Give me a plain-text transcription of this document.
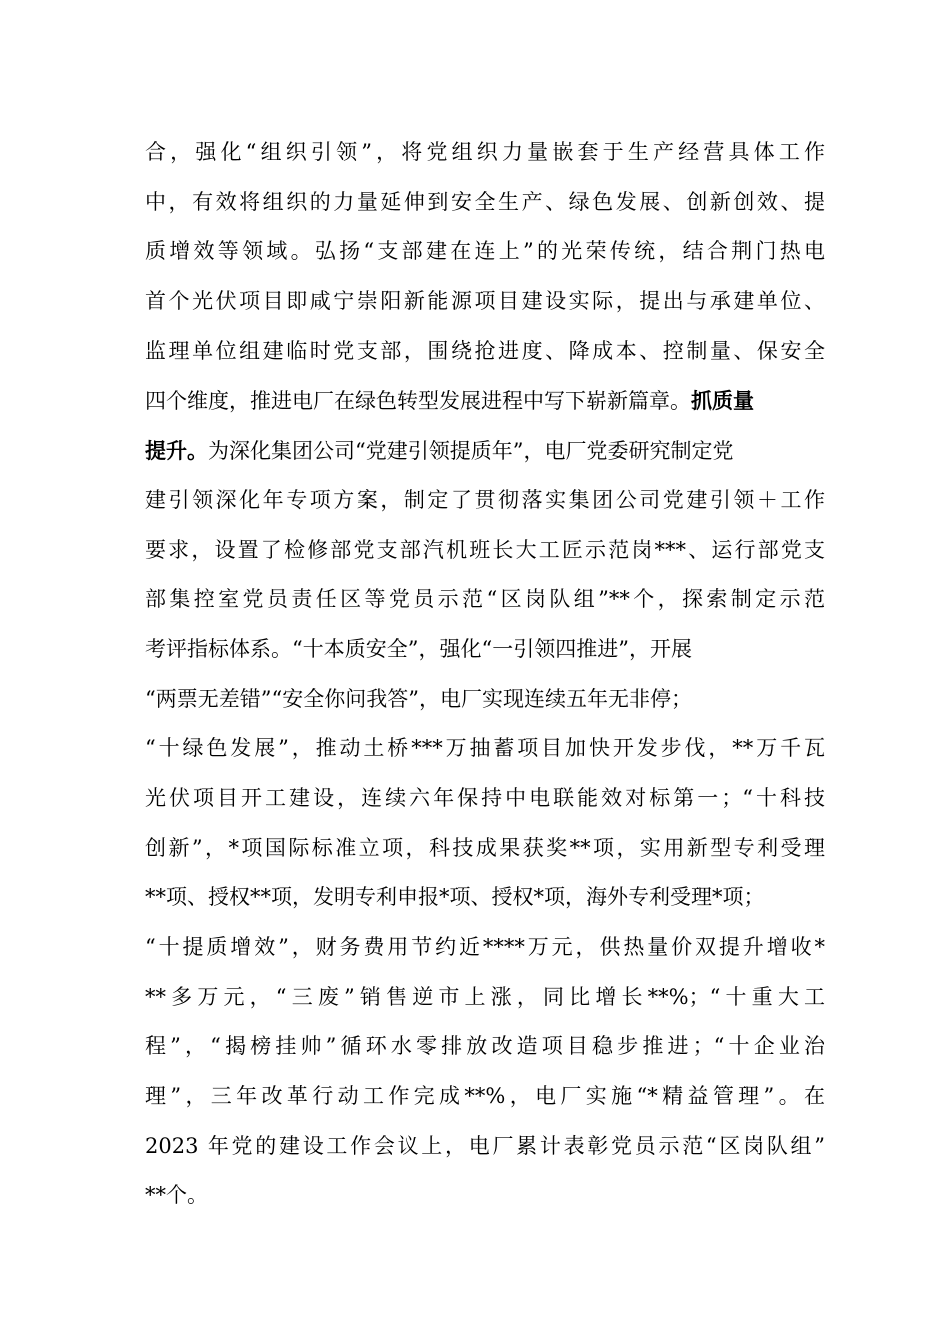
合，强化“组织引领”，将党组织力量嵌套于生产经营具体工作
中，有效将组织的力量延伸到安全生产、绿色发展、创新创效、提
质增效等领域。弘扬“支部建在连上”的光荣传统，结合荆门热电
首个光伏项目即咸宁崇阳新能源项目建设实际，提出与承建单位、
监理单位组建临时党支部，围绕抢进度、降成本、控制量、保安全
四个维度，推进电厂在绿色转型发展进程中写下崭新篇章。抓质量
提升。为深化集团公司“党建引领提质年”，电厂党委研究制定党
建引领深化年专项方案，制定了贯彻落实集团公司党建引领＋工作
要求，设置了检修部党支部汽机班长大工匠示范岗***、运行部党支
部集控室党员责任区等党员示范“区岗队组”**个，探索制定示范
考评指标体系。“十本质安全”，强化“一引领四推进”，开展
“两票无差错”“安全你问我答”，电厂实现连续五年无非停；
“十绿色发展”，推动土桥***万抽蓄项目加快开发步伐，**万千瓦
光伏项目开工建设，连续六年保持中电联能效对标第一；“十科技
创新”，*项国际标准立项，科技成果获奖**项，实用新型专利受理
**项、授权**项，发明专利申报*项、授权*项，海外专利受理*项；
“十提质增效”，财务费用节约近****万元，供热量价双提升增收*
**多万元，“三废”销售逆市上涨，同比增长**%；“十重大工
程”，“揭榜挂帅”循环水零排放改造项目稳步推进；“十企业治
理”，三年改革行动工作完成**%，电厂实施“*精益管理”。在
2023 年党的建设工作会议上，电厂累计表彰党员示范“区岗队组”
**个。
